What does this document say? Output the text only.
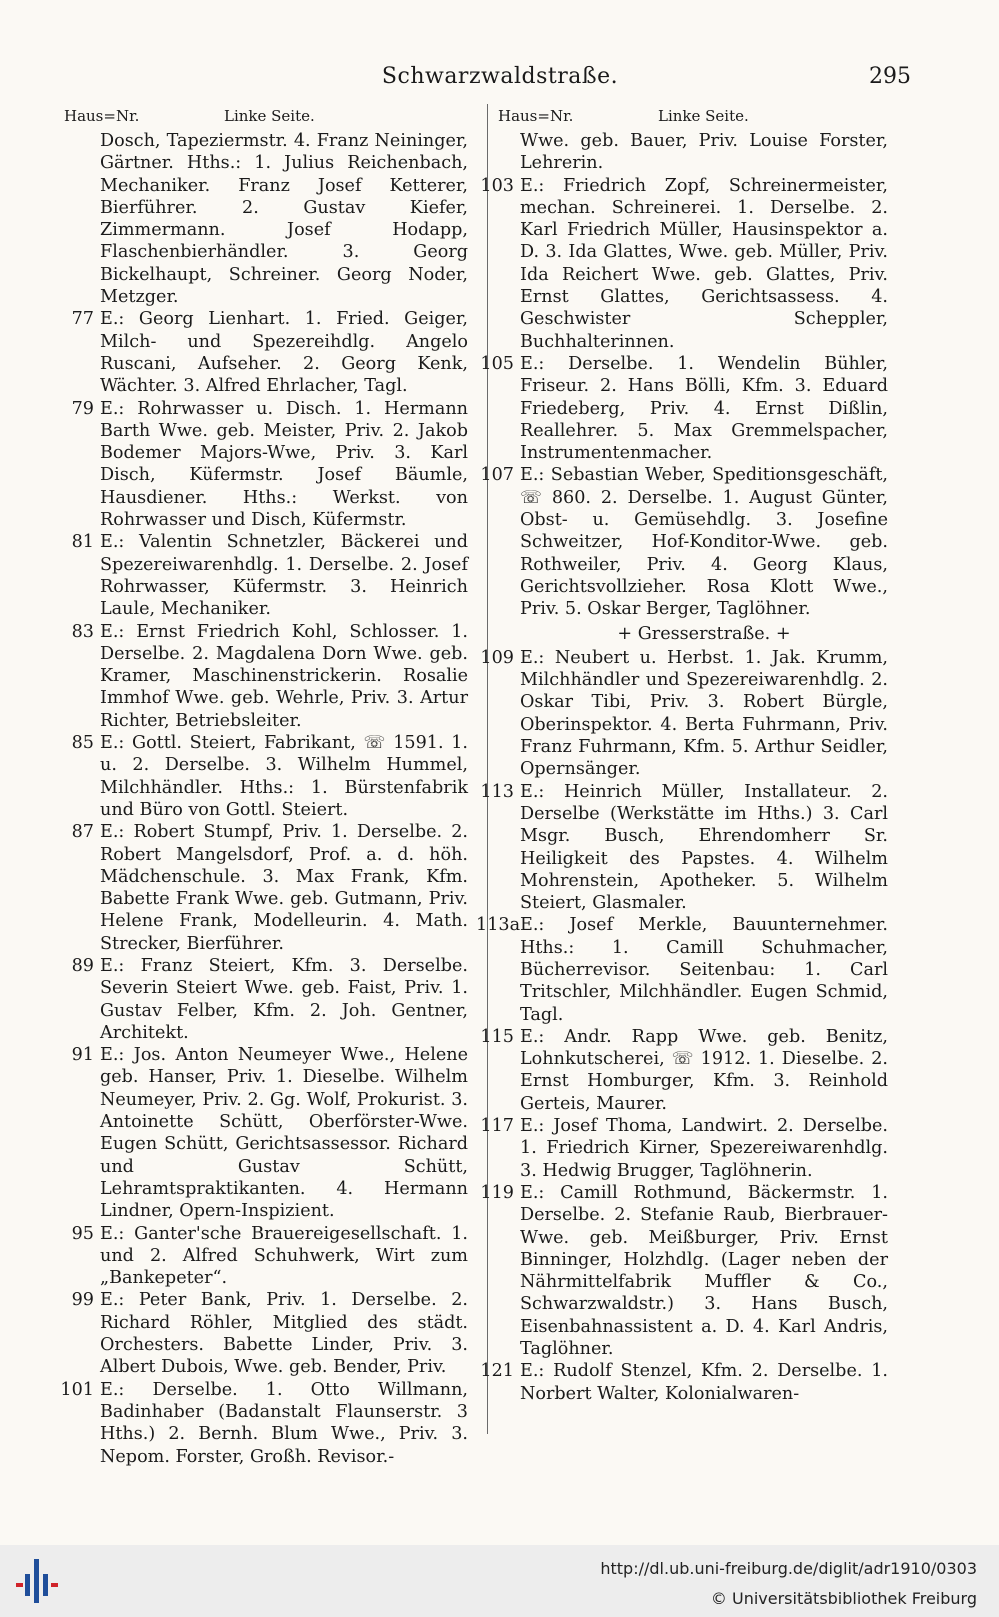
Schwarzwaldstraße.	295
Haus=Nr.	Linke Seite.	Haus=Nr.	Linke Seite.
Dosch, Tapeziermstr. 4. Franz Neininger, Gärtner. Hths.: 1. Julius Reichenbach, Mechaniker. Franz Josef Ketterer, Bierführer. 2. Gustav Kiefer, Zimmermann. Josef Hodapp, Flaschenbierhändler. 3. Georg Bickelhaupt, Schreiner. Georg Noder, Metzger.
77 E.: Georg Lienhart. 1. Fried. Geiger, Milch- und Spezereihdlg. Angelo Ruscani, Aufseher. 2. Georg Kenk, Wächter. 3. Alfred Ehrlacher, Tagl.
79 E.: Rohrwasser u. Disch. 1. Hermann Barth Wwe. geb. Meister, Priv. 2. Jakob Bodemer Majors-Wwe, Priv. 3. Karl Disch, Küfermstr. Josef Bäumle, Hausdiener. Hths.: Werkst. von Rohrwasser und Disch, Küfermstr.
81 E.: Valentin Schnetzler, Bäckerei und Spezereiwarenhdlg. 1. Derselbe. 2. Josef Rohrwasser, Küfermstr. 3. Heinrich Laule, Mechaniker.
83 E.: Ernst Friedrich Kohl, Schlosser. 1. Derselbe. 2. Magdalena Dorn Wwe. geb. Kramer, Maschinenstrickerin. Rosalie Immhof Wwe. geb. Wehrle, Priv. 3. Artur Richter, Betriebsleiter.
85 E.: Gottl. Steiert, Fabrikant, ☏ 1591. 1. u. 2. Derselbe. 3. Wilhelm Hummel, Milchhändler. Hths.: 1. Bürstenfabrik und Büro von Gottl. Steiert.
87 E.: Robert Stumpf, Priv. 1. Derselbe. 2. Robert Mangelsdorf, Prof. a. d. höh. Mädchenschule. 3. Max Frank, Kfm. Babette Frank Wwe. geb. Gutmann, Priv. Helene Frank, Modelleurin. 4. Math. Strecker, Bierführer.
89 E.: Franz Steiert, Kfm. 3. Derselbe. Severin Steiert Wwe. geb. Faist, Priv. 1. Gustav Felber, Kfm. 2. Joh. Gentner, Architekt.
91 E.: Jos. Anton Neumeyer Wwe., Helene geb. Hanser, Priv. 1. Dieselbe. Wilhelm Neumeyer, Priv. 2. Gg. Wolf, Prokurist. 3. Antoinette Schütt, Oberförster-Wwe. Eugen Schütt, Gerichtsassessor. Richard und Gustav Schütt, Lehramtspraktikanten. 4. Hermann Lindner, Opern-Inspizient.
95 E.: Ganter'sche Brauereigesellschaft. 1. und 2. Alfred Schuhwerk, Wirt zum „Bankepeter“.
99 E.: Peter Bank, Priv. 1. Derselbe. 2. Richard Röhler, Mitglied des städt. Orchesters. Babette Linder, Priv. 3. Albert Dubois, Wwe. geb. Bender, Priv.
101 E.: Derselbe. 1. Otto Willmann, Badinhaber (Badanstalt Flaunserstr. 3 Hths.) 2. Bernh. Blum Wwe., Priv. 3. Nepom. Forster, Großh. Revisor.-
Wwe. geb. Bauer, Priv. Louise Forster, Lehrerin.
103 E.: Friedrich Zopf, Schreinermeister, mechan. Schreinerei. 1. Derselbe. 2. Karl Friedrich Müller, Hausinspektor a. D. 3. Ida Glattes, Wwe. geb. Müller, Priv. Ida Reichert Wwe. geb. Glattes, Priv. Ernst Glattes, Gerichtsassess. 4. Geschwister Scheppler, Buchhalterinnen.
105 E.: Derselbe. 1. Wendelin Bühler, Friseur. 2. Hans Bölli, Kfm. 3. Eduard Friedeberg, Priv. 4. Ernst Dißlin, Reallehrer. 5. Max Gremmelspacher, Instrumentenmacher.
107 E.: Sebastian Weber, Speditionsgeschäft, ☏ 860. 2. Derselbe. 1. August Günter, Obst- u. Gemüsehdlg. 3. Josefine Schweitzer, Hof-Konditor-Wwe. geb. Rothweiler, Priv. 4. Georg Klaus, Gerichtsvollzieher. Rosa Klott Wwe., Priv. 5. Oskar Berger, Taglöhner.
+ Gresserstraße. +
109 E.: Neubert u. Herbst. 1. Jak. Krumm, Milchhändler und Spezereiwarenhdlg. 2. Oskar Tibi, Priv. 3. Robert Bürgle, Oberinspektor. 4. Berta Fuhrmann, Priv. Franz Fuhrmann, Kfm. 5. Arthur Seidler, Opernsänger.
113 E.: Heinrich Müller, Installateur. 2. Derselbe (Werkstätte im Hths.) 3. Carl Msgr. Busch, Ehrendomherr Sr. Heiligkeit des Papstes. 4. Wilhelm Mohrenstein, Apotheker. 5. Wilhelm Steiert, Glasmaler.
113a E.: Josef Merkle, Bauunternehmer. Hths.: 1. Camill Schuhmacher, Bücherrevisor. Seitenbau: 1. Carl Tritschler, Milchhändler. Eugen Schmid, Tagl.
115 E.: Andr. Rapp Wwe. geb. Benitz, Lohnkutscherei, ☏ 1912. 1. Dieselbe. 2. Ernst Homburger, Kfm. 3. Reinhold Gerteis, Maurer.
117 E.: Josef Thoma, Landwirt. 2. Derselbe. 1. Friedrich Kirner, Spezereiwarenhdlg. 3. Hedwig Brugger, Taglöhnerin.
119 E.: Camill Rothmund, Bäckermstr. 1. Derselbe. 2. Stefanie Raub, Bierbrauer-Wwe. geb. Meißburger, Priv. Ernst Binninger, Holzhdlg. (Lager neben der Nährmittelfabrik Muffler & Co., Schwarzwaldstr.) 3. Hans Busch, Eisenbahnassistent a. D. 4. Karl Andris, Taglöhner.
121 E.: Rudolf Stenzel, Kfm. 2. Derselbe. 1. Norbert Walter, Kolonialwaren-
http://dl.ub.uni-freiburg.de/diglit/adr1910/0303
© Universitätsbibliothek Freiburg
